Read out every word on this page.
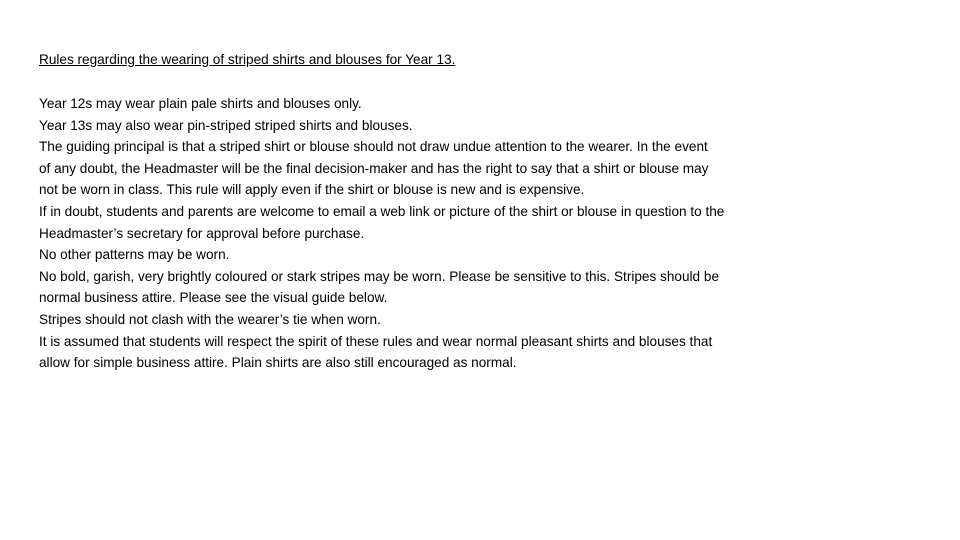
Rules regarding the wearing of striped shirts and blouses for Year 13.
Year 12s may wear plain pale shirts and blouses only.
Year 13s may also wear pin-striped striped shirts and blouses.
The guiding principal is that a striped shirt or blouse should not draw undue attention to the wearer. In the event
of any doubt, the Headmaster will be the final decision-maker and has the right to say that a shirt or blouse may
not be worn in class. This rule will apply even if the shirt or blouse is new and is expensive.
If in doubt, students and parents are welcome to email a web link or picture of the shirt or blouse in question to the
Headmaster’s secretary for approval before purchase.
No other patterns may be worn.
No bold, garish, very brightly coloured or stark stripes may be worn. Please be sensitive to this. Stripes should be
normal business attire. Please see the visual guide below.
Stripes should not clash with the wearer’s tie when worn.
It is assumed that students will respect the spirit of these rules and wear normal pleasant shirts and blouses that
allow for simple business attire. Plain shirts are also still encouraged as normal.
